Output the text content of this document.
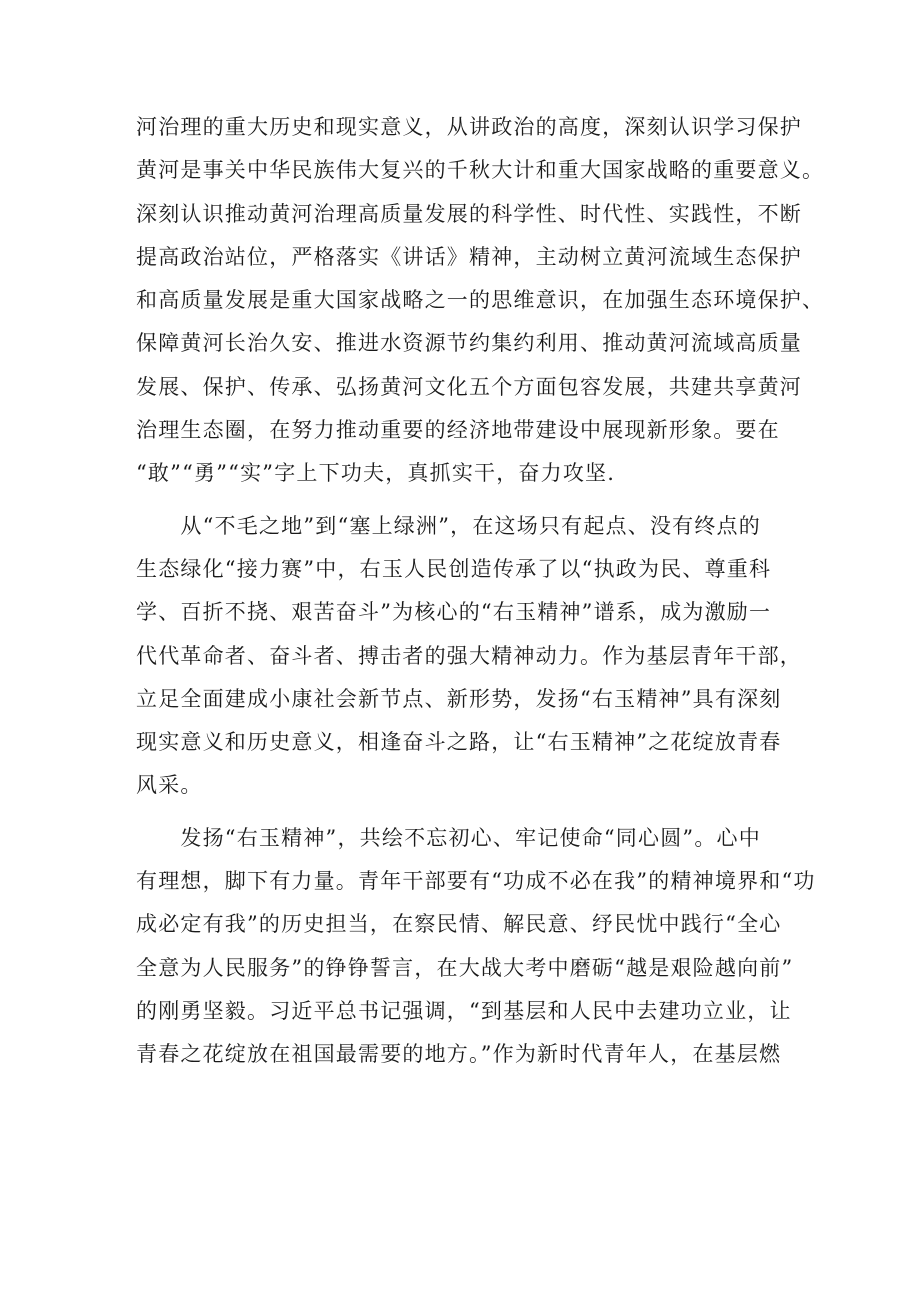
河治理的重大历史和现实意义，从讲政治的高度，深刻认识学习保护
黄河是事关中华民族伟大复兴的千秋大计和重大国家战略的重要意义。
深刻认识推动黄河治理高质量发展的科学性、时代性、实践性，不断
提高政治站位，严格落实《讲话》精神，主动树立黄河流域生态保护
和高质量发展是重大国家战略之一的思维意识，在加强生态环境保护、
保障黄河长治久安、推进水资源节约集约利用、推动黄河流域高质量
发展、保护、传承、弘扬黄河文化五个方面包容发展，共建共享黄河
治理生态圈，在努力推动重要的经济地带建设中展现新形象。要在
“敢”“勇”“实”字上下功夫，真抓实干，奋力攻坚.
　　从“不毛之地”到“塞上绿洲”，在这场只有起点、没有终点的
生态绿化“接力赛”中，右玉人民创造传承了以“执政为民、尊重科
学、百折不挠、艰苦奋斗”为核心的“右玉精神”谱系，成为激励一
代代革命者、奋斗者、搏击者的强大精神动力。作为基层青年干部，
立足全面建成小康社会新节点、新形势，发扬“右玉精神”具有深刻
现实意义和历史意义，相逢奋斗之路，让“右玉精神”之花绽放青春
风采。
　　发扬“右玉精神”，共绘不忘初心、牢记使命“同心圆”。心中
有理想，脚下有力量。青年干部要有“功成不必在我”的精神境界和“功
成必定有我”的历史担当，在察民情、解民意、纾民忧中践行“全心
全意为人民服务”的铮铮誓言，在大战大考中磨砺“越是艰险越向前”
的刚勇坚毅。习近平总书记强调，“到基层和人民中去建功立业，让
青春之花绽放在祖国最需要的地方。”作为新时代青年人，在基层燃
